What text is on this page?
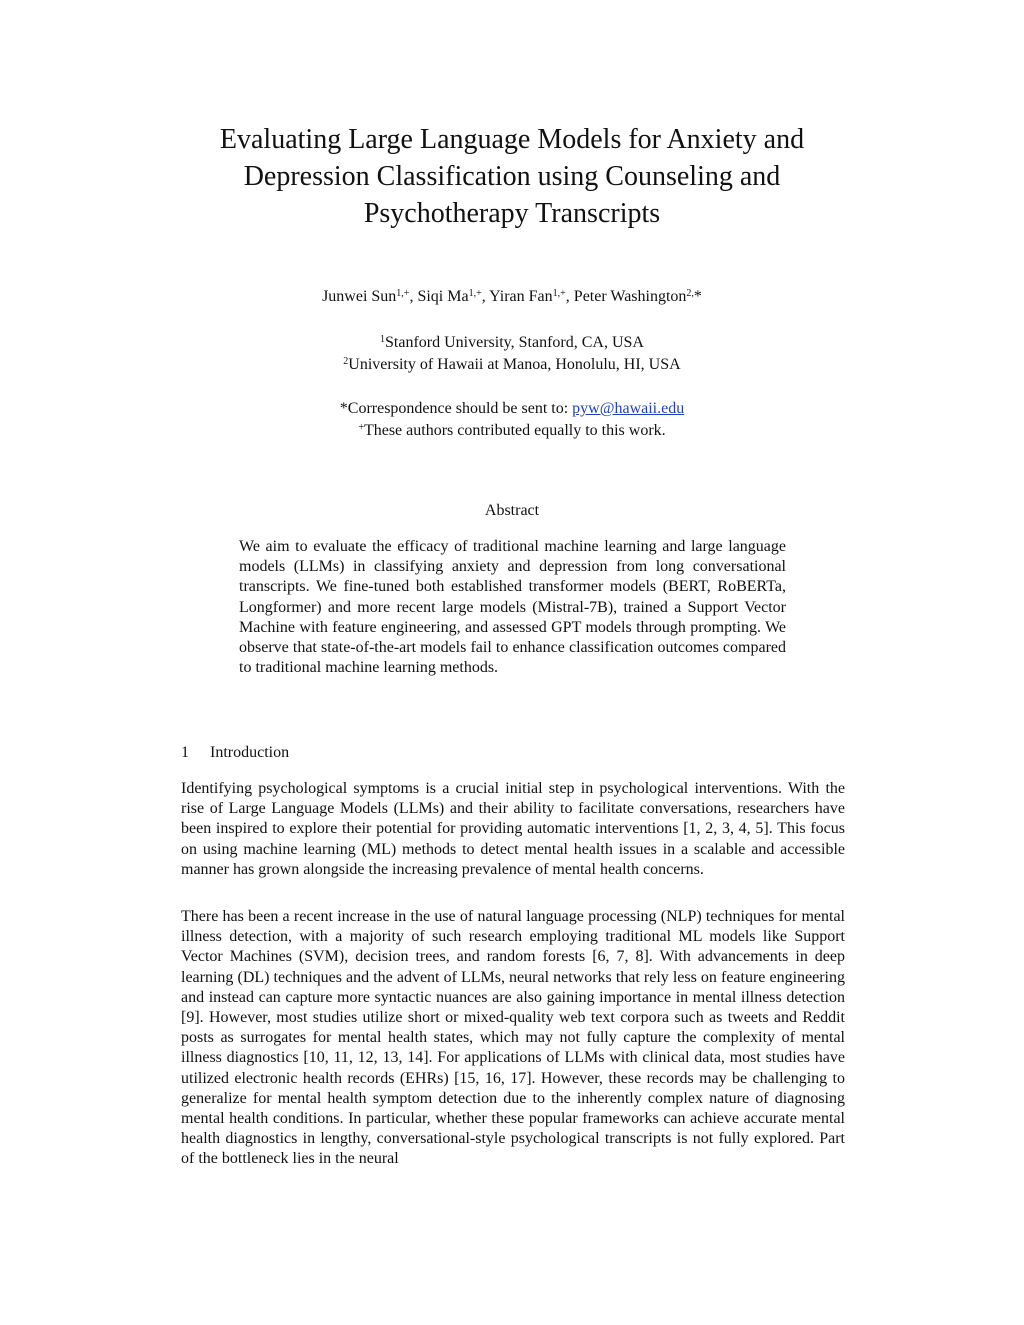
Evaluating Large Language Models for Anxiety and
Depression Classification using Counseling and
Psychotherapy Transcripts
Junwei Sun$^{1,+}$, Siqi $Ma^{1,+}$, Yiran Fan$^{1,+}$, Peter Washington$^{2,}$*
$^1$Stanford University, Stanford, CA, USA
$^2$University of Hawaii at Manoa, Honolulu, HI, USA
*Correspondence should be sent to: pyw@hawaii.edu
+These authors contributed equally to this work.
Abstract

We aim to evaluate the efficacy of traditional machine learning and large language models (LLMs) in classifying anxiety and depression from long conversational transcripts. We fine-tuned both established transformer models (BERT, RoBERTa, Longformer) and more recent large models (Mistral-7B), trained a Support Vector Machine with feature engineering, and assessed GPT models through prompting. We observe that state-of-the-art models fail to enhance classification outcomes compared to traditional machine learning methods.

1 Introduction

Identifying psychological symptoms is a crucial initial step in psychological interventions. With the rise of Large Language Models (LLMs) and their ability to facilitate conversations, researchers have been inspired to explore their potential for providing automatic interventions [1, 2, 3, 4, 5]. This focus on using machine learning (ML) methods to detect mental health issues in a scalable and accessible manner has grown alongside the increasing prevalence of mental health concerns.

There has been a recent increase in the use of natural language processing (NLP) techniques for mental illness detection, with a majority of such research employing traditional ML models like Support Vector Machines (SVM), decision trees, and random forests [6, 7, 8]. With advancements in deep learning (DL) techniques and the advent of LLMs, neural networks that rely less on feature engineering and instead can capture more syntactic nuances are also gaining importance in mental illness detection [9]. However, most studies utilize short or mixed-quality web text corpora such as tweets and Reddit posts as surrogates for mental health states, which may not fully capture the complexity of mental illness diagnostics [10, 11, 12, 13, 14]. For applications of LLMs with clinical data, most studies have utilized electronic health records (EHRs) [15, 16, 17]. However, these records may be challenging to generalize for mental health symptom detection due to the inherently complex nature of diagnosing mental health conditions. In particular, whether these popular frameworks can achieve accurate mental health diagnostics in lengthy, conversational-style psychological transcripts is not fully explored. Part of the bottleneck lies in the neural
